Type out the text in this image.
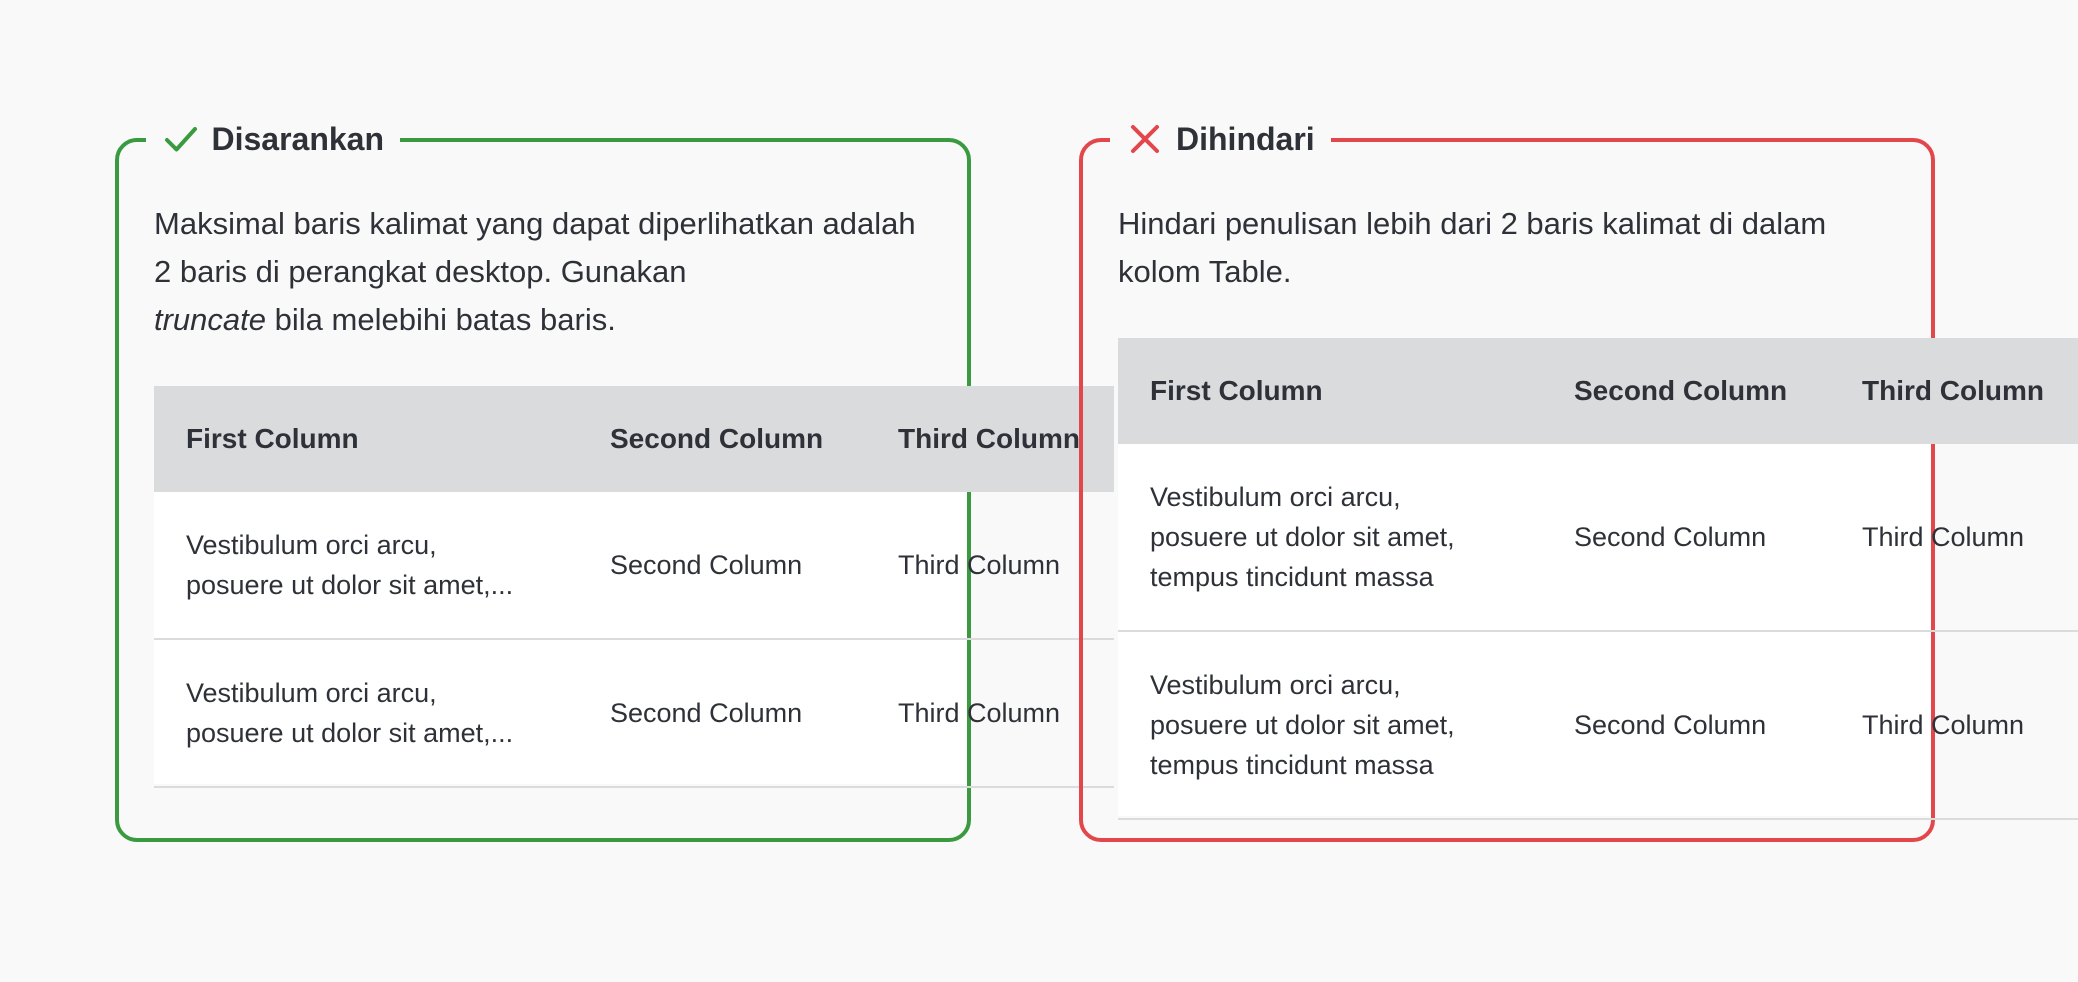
Disarankan
Maksimal baris kalimat yang dapat diperlihatkan adalah 2 baris di perangkat desktop. Gunakan
truncate bila melebihi batas baris.
First Column	Second Column	Third Column

Vestibulum orci arcu,
posuere ut dolor sit amet,...	Second Column	Third Column

Vestibulum orci arcu,
posuere ut dolor sit amet,...	Second Column	Third Column
Dihindari
Hindari penulisan lebih dari 2 baris kalimat di dalam kolom Table.
First Column	Second Column	Third Column

Vestibulum orci arcu,
posuere ut dolor sit amet,
tempus tincidunt massa	Second Column	Third Column

Vestibulum orci arcu,
posuere ut dolor sit amet,
tempus tincidunt massa	Second Column	Third Column
